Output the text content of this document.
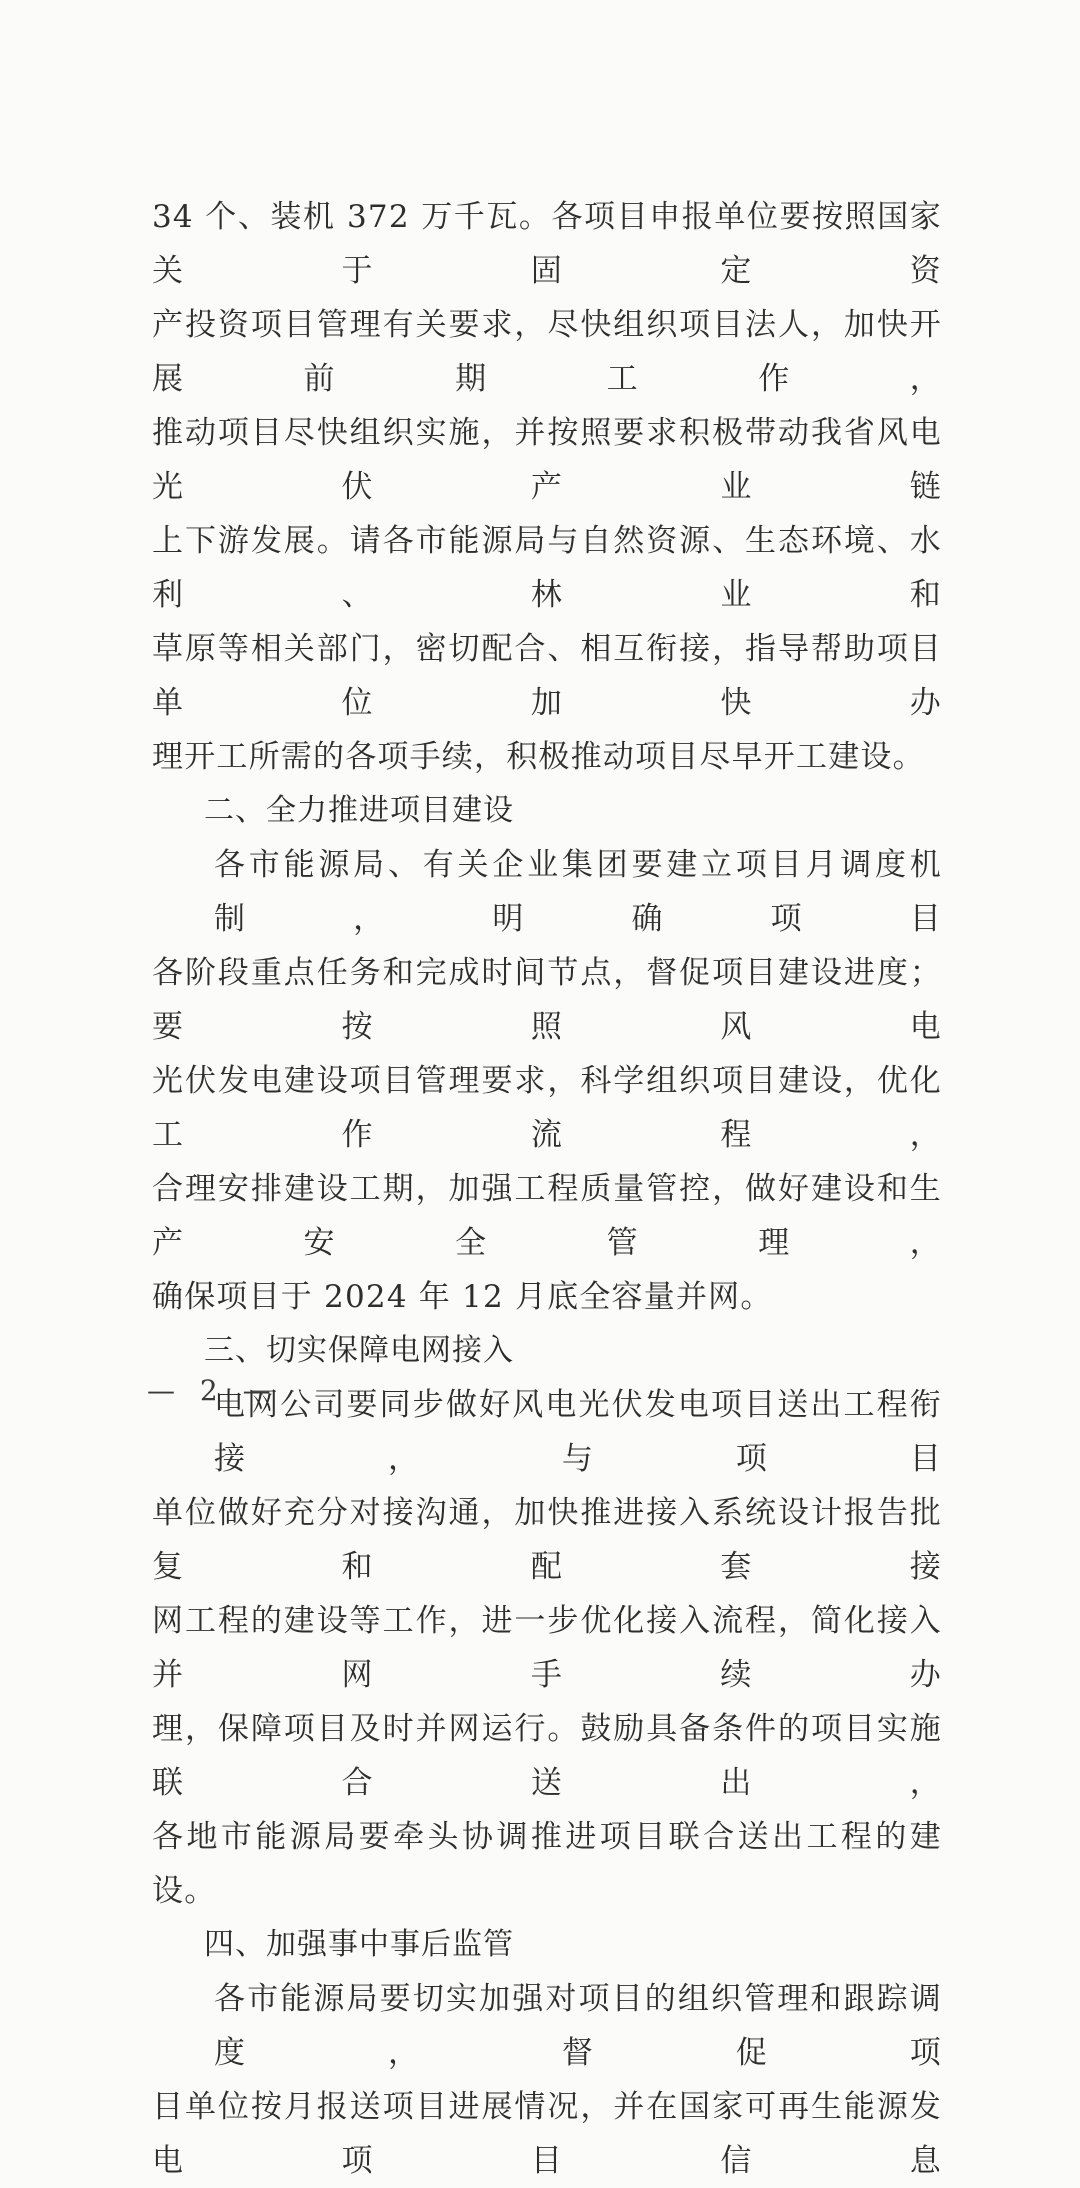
34 个、装机 372 万千瓦。各项目申报单位要按照国家关于固定资
产投资项目管理有关要求，尽快组织项目法人，加快开展前期工作，
推动项目尽快组织实施，并按照要求积极带动我省风电光伏产业链
上下游发展。请各市能源局与自然资源、生态环境、水利、林业和
草原等相关部门，密切配合、相互衔接，指导帮助项目单位加快办
理开工所需的各项手续，积极推动项目尽早开工建设。
二、全力推进项目建设
各市能源局、有关企业集团要建立项目月调度机制，明确项目
各阶段重点任务和完成时间节点，督促项目建设进度；要按照风电
光伏发电建设项目管理要求，科学组织项目建设，优化工作流程，
合理安排建设工期，加强工程质量管控，做好建设和生产安全管理，
确保项目于 2024 年 12 月底全容量并网。
三、切实保障电网接入
电网公司要同步做好风电光伏发电项目送出工程衔接，与项目
单位做好充分对接沟通，加快推进接入系统设计报告批复和配套接
网工程的建设等工作，进一步优化接入流程，简化接入并网手续办
理，保障项目及时并网运行。鼓励具备条件的项目实施联合送出，
各地市能源局要牵头协调推进项目联合送出工程的建设。
四、加强事中事后监管
各市能源局要切实加强对项目的组织管理和跟踪调度，督促项
目单位按月报送项目进展情况，并在国家可再生能源发电项目信息
— 2 —
